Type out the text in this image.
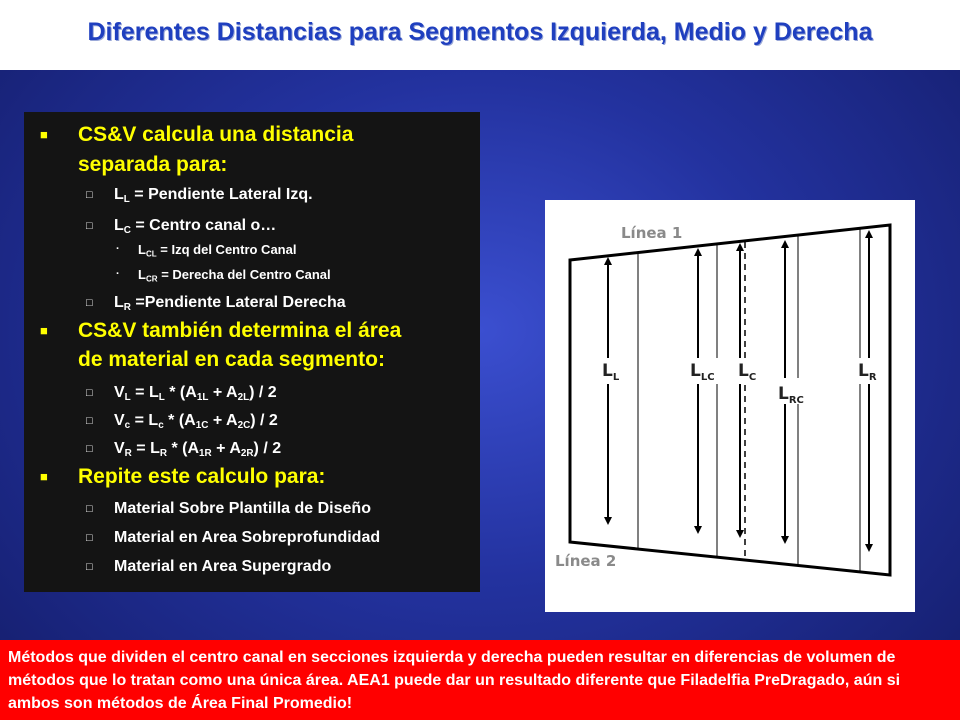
Diferentes Distancias para Segmentos Izquierda, Medio y Derecha
■ CS&V calcula una distancia
separada para:
□ $L_L$ = Pendiente Lateral Izq.
□ $L_C$ = Centro canal o…
· $L_{CL}$ = Izq del Centro Canal
· $L_{CR}$ = Derecha del Centro Canal
□ $L_R$ =Pendiente Lateral Derecha
■ CS&V también determina el área
de material en cada segmento:
□ $V_L = L_L * (A_{1L} + A_{2L}) / 2$
□ $V_c = L_c * (A_{1C} + A_{2C}) / 2$
□ $V_R = L_R * (A_{1R} + A_{2R}) / 2$
■ Repite este calculo para:
□ Material Sobre Plantilla de Diseño
□ Material en Area Sobreprofundidad
□ Material en Area Supergrado
Línea 1
Línea 2
$L_L$	$L_{LC}$ $L_C$
$L_{RC}$
$L_R$
Métodos que dividen el centro canal en secciones izquierda y derecha pueden resultar en diferencias de volumen de métodos que lo tratan como una única área. AEA1 puede dar un resultado diferente que Filadelfia PreDragado, aún si ambos son métodos de Área Final Promedio!
